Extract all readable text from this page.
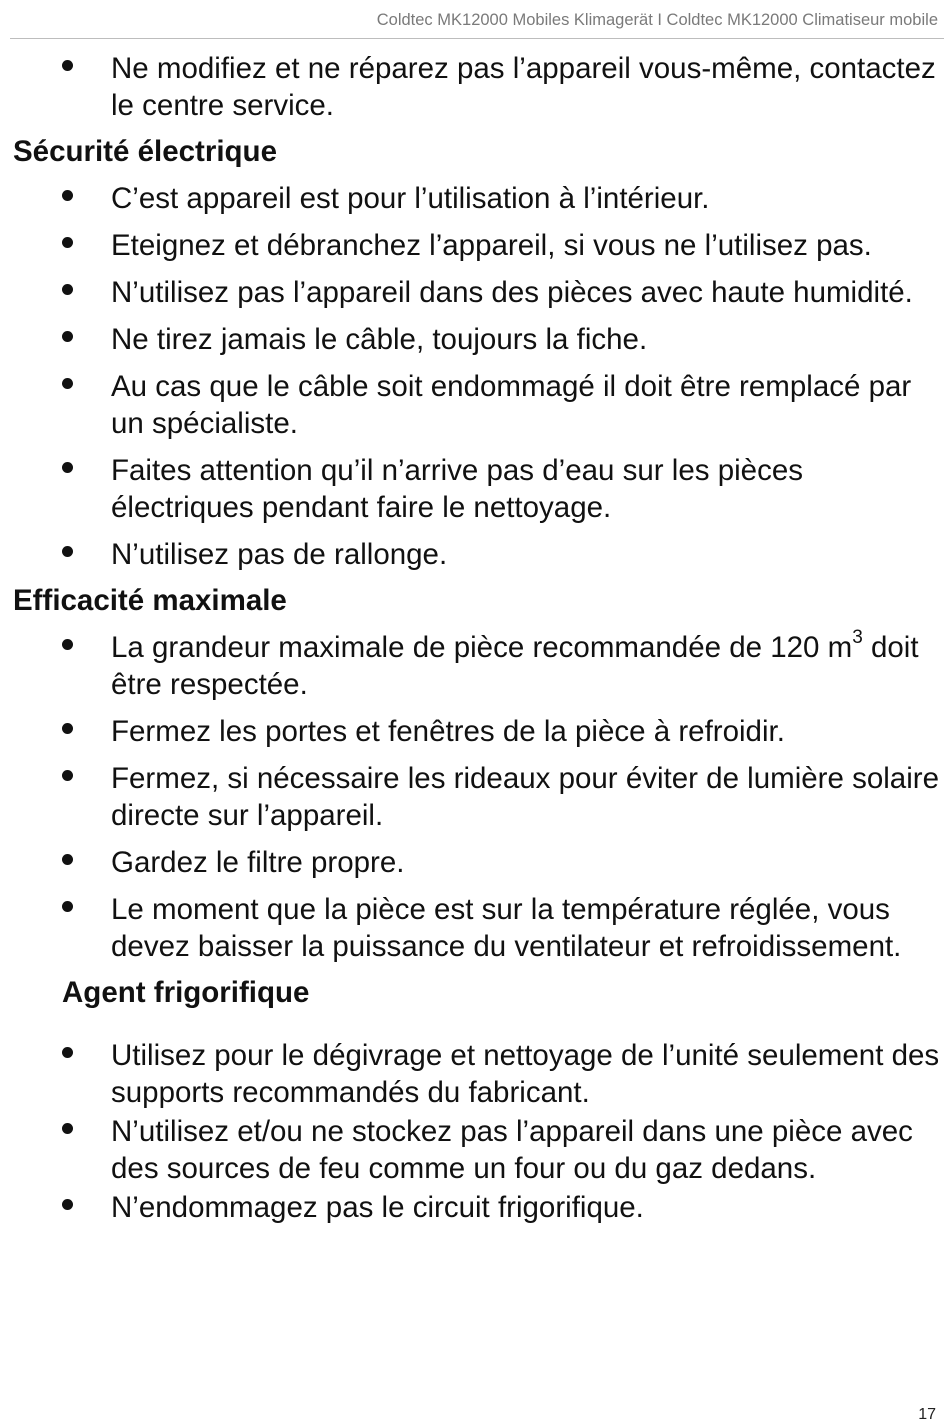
Coldtec MK12000 Mobiles Klimagerät I Coldtec MK12000 Climatiseur mobile
Ne modifiez et ne réparez pas l’appareil vous-même, contactez le centre service.
Sécurité électrique
C’est appareil est pour l’utilisation à l’intérieur.
Eteignez et débranchez l’appareil, si vous ne l’utilisez pas.
N’utilisez pas l’appareil dans des pièces avec haute humidité.
Ne tirez jamais le câble, toujours la fiche.
Au cas que le câble soit endommagé il doit être remplacé par un spécialiste.
Faites attention qu’il n’arrive pas d’eau sur les pièces électriques pendant faire le nettoyage.
N’utilisez pas de rallonge.
Efficacité maximale
La grandeur maximale de pièce recommandée de 120 $m^3$ doit être respectée.
Fermez les portes et fenêtres de la pièce à refroidir.
Fermez, si nécessaire les rideaux pour éviter de lumière solaire directe sur l’appareil.
Gardez le filtre propre.
Le moment que la pièce est sur la température réglée, vous devez baisser la puissance du ventilateur et refroidissement.
Agent frigorifique
Utilisez pour le dégivrage et nettoyage de l’unité seulement des supports recommandés du fabricant.
N’utilisez et/ou ne stockez pas l’appareil dans une pièce avec des sources de feu comme un four ou du gaz dedans.
N’endommagez pas le circuit frigorifique.
17
